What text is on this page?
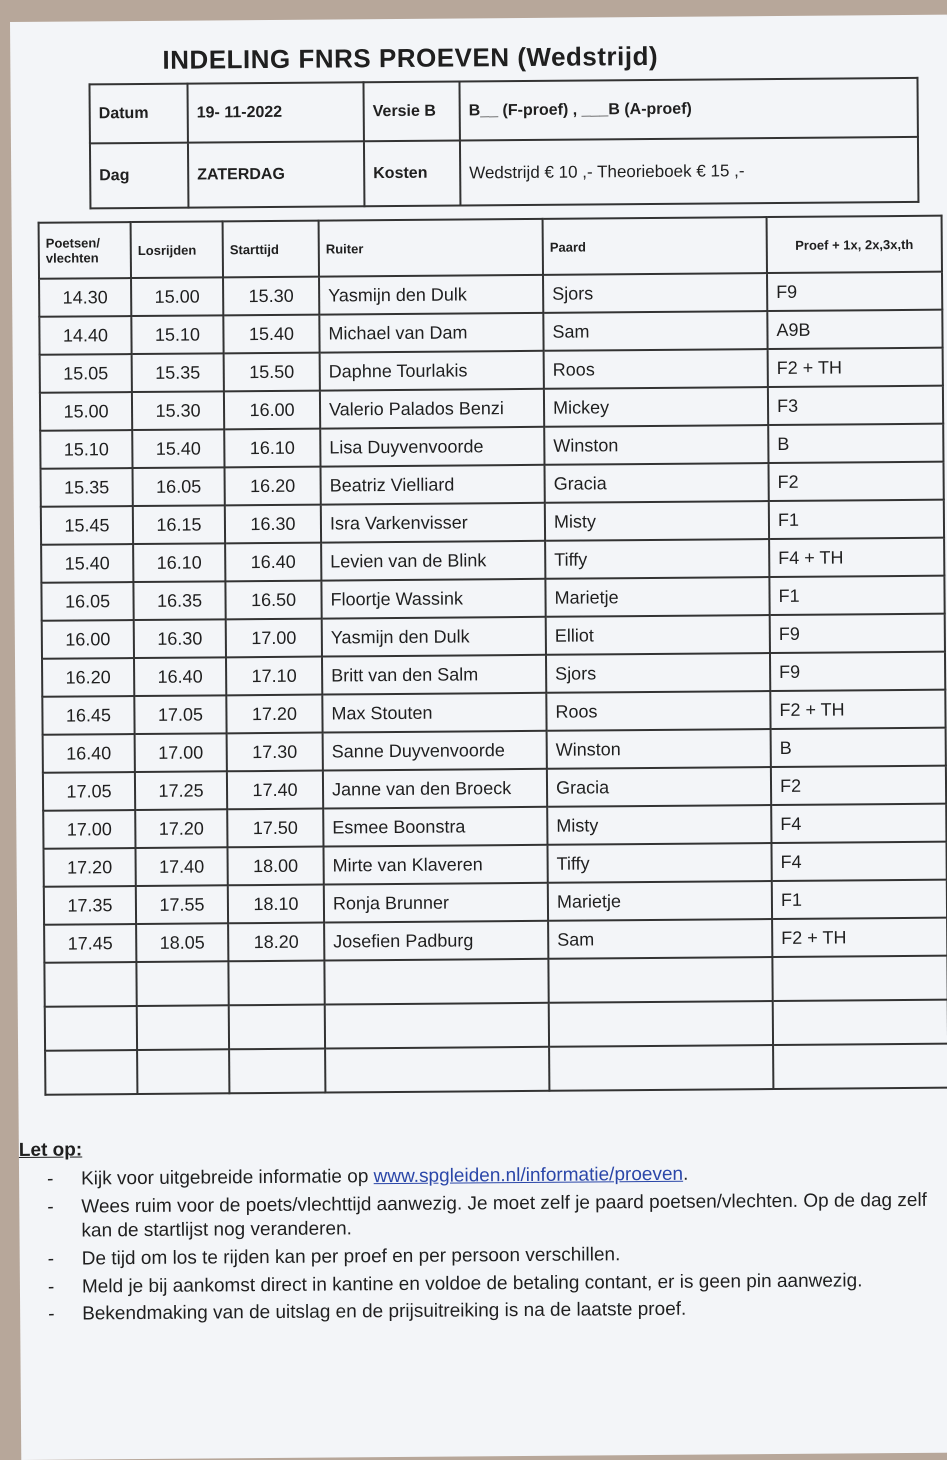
INDELING FNRS PROEVEN (Wedstrijd)
Datum	19- 11-2022	Versie B	B__ (F-proef) , ___B (A-proef)
Dag	ZATERDAG	Kosten	Wedstrijd € 10 ,- Theorieboek € 15 ,-
Poetsen/ vlechten	Losrijden	Starttijd	Ruiter	Paard	Proef + 1x, 2x,3x,th
14.30	15.00	15.30	Yasmijn den Dulk	Sjors	F9
14.40	15.10	15.40	Michael van Dam	Sam	A9B
15.05	15.35	15.50	Daphne Tourlakis	Roos	F2 + TH
15.00	15.30	16.00	Valerio Palados Benzi	Mickey	F3
15.10	15.40	16.10	Lisa Duyvenvoorde	Winston	B
15.35	16.05	16.20	Beatriz Vielliard	Gracia	F2
15.45	16.15	16.30	Isra Varkenvisser	Misty	F1
15.40	16.10	16.40	Levien van de Blink	Tiffy	F4 + TH
16.05	16.35	16.50	Floortje Wassink	Marietje	F1
16.00	16.30	17.00	Yasmijn den Dulk	Elliot	F9
16.20	16.40	17.10	Britt van den Salm	Sjors	F9
16.45	17.05	17.20	Max Stouten	Roos	F2 + TH
16.40	17.00	17.30	Sanne Duyvenvoorde	Winston	B
17.05	17.25	17.40	Janne van den Broeck	Gracia	F2
17.00	17.20	17.50	Esmee Boonstra	Misty	F4
17.20	17.40	18.00	Mirte van Klaveren	Tiffy	F4
17.35	17.55	18.10	Ronja Brunner	Marietje	F1
17.45	18.05	18.20	Josefien Padburg	Sam	F2 + TH

Let op:
- Kijk voor uitgebreide informatie op www.spgleiden.nl/informatie/proeven.
- Wees ruim voor de poets/vlechttijd aanwezig. Je moet zelf je paard poetsen/vlechten. Op de dag zelf kan de startlijst nog veranderen.
- De tijd om los te rijden kan per proef en per persoon verschillen.
- Meld je bij aankomst direct in kantine en voldoe de betaling contant, er is geen pin aanwezig.
- Bekendmaking van de uitslag en de prijsuitreiking is na de laatste proef.
